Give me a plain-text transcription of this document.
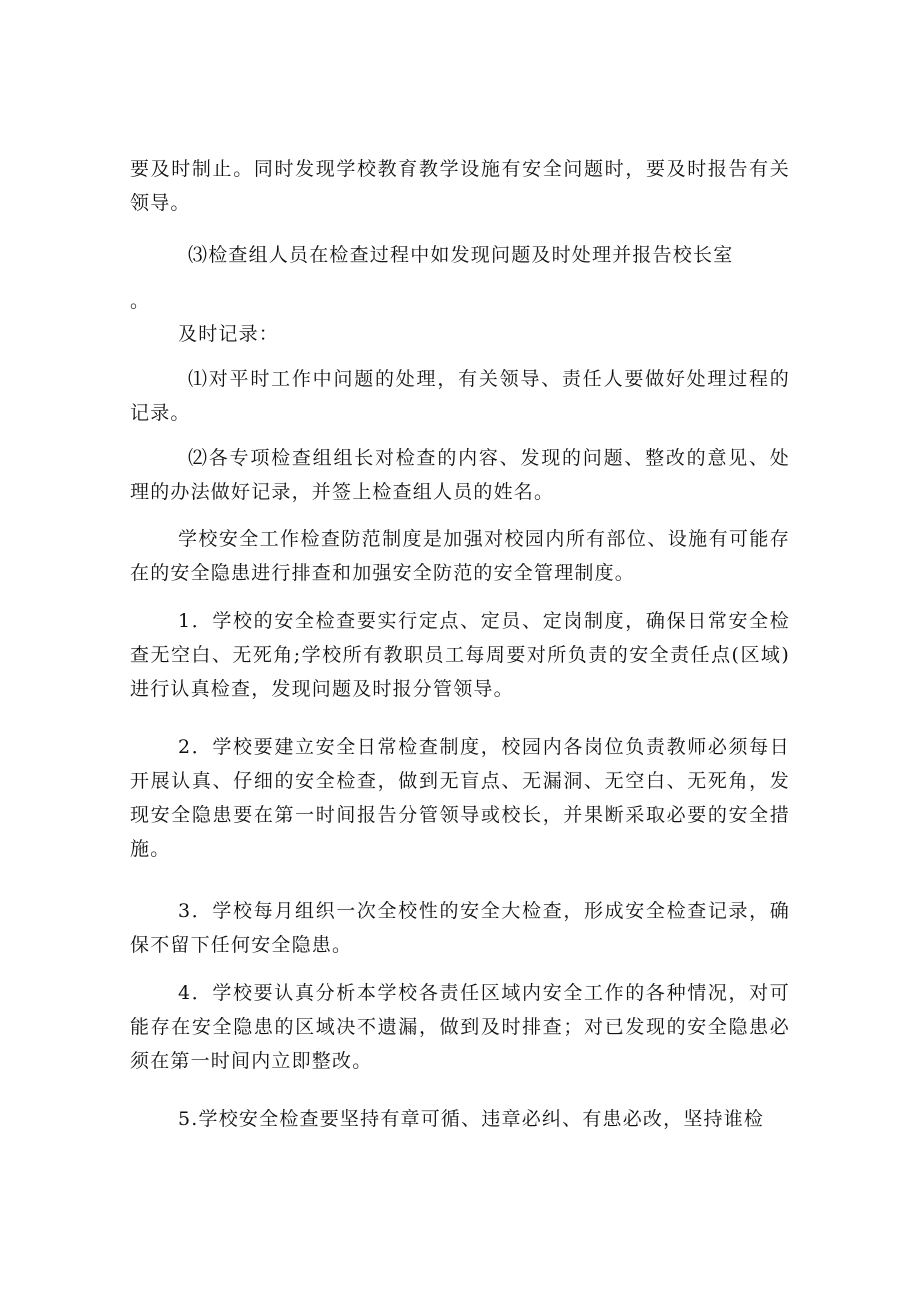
要及时制止。同时发现学校教育教学设施有安全问题时，要及时报告有关领导。

⑶检查组人员在检查过程中如发现问题及时处理并报告校长室

。

及时记录：

⑴对平时工作中问题的处理，有关领导、责任人要做好处理过程的记录。

⑵各专项检查组组长对检查的内容、发现的问题、整改的意见、处理的办法做好记录，并签上检查组人员的姓名。

学校安全工作检查防范制度是加强对校园内所有部位、设施有可能存在的安全隐患进行排查和加强安全防范的安全管理制度。

1．学校的安全检查要实行定点、定员、定岗制度，确保日常安全检查无空白、无死角;学校所有教职员工每周要对所负责的安全责任点(区域)进行认真检查，发现问题及时报分管领导。

2．学校要建立安全日常检查制度，校园内各岗位负责教师必须每日开展认真、仔细的安全检查，做到无盲点、无漏洞、无空白、无死角，发现安全隐患要在第一时间报告分管领导或校长，并果断采取必要的安全措施。

3．学校每月组织一次全校性的安全大检查，形成安全检查记录，确保不留下任何安全隐患。

4．学校要认真分析本学校各责任区域内安全工作的各种情况，对可能存在安全隐患的区域决不遗漏，做到及时排查；对已发现的安全隐患必须在第一时间内立即整改。

5.学校安全检查要坚持有章可循、违章必纠、有患必改，坚持谁检
